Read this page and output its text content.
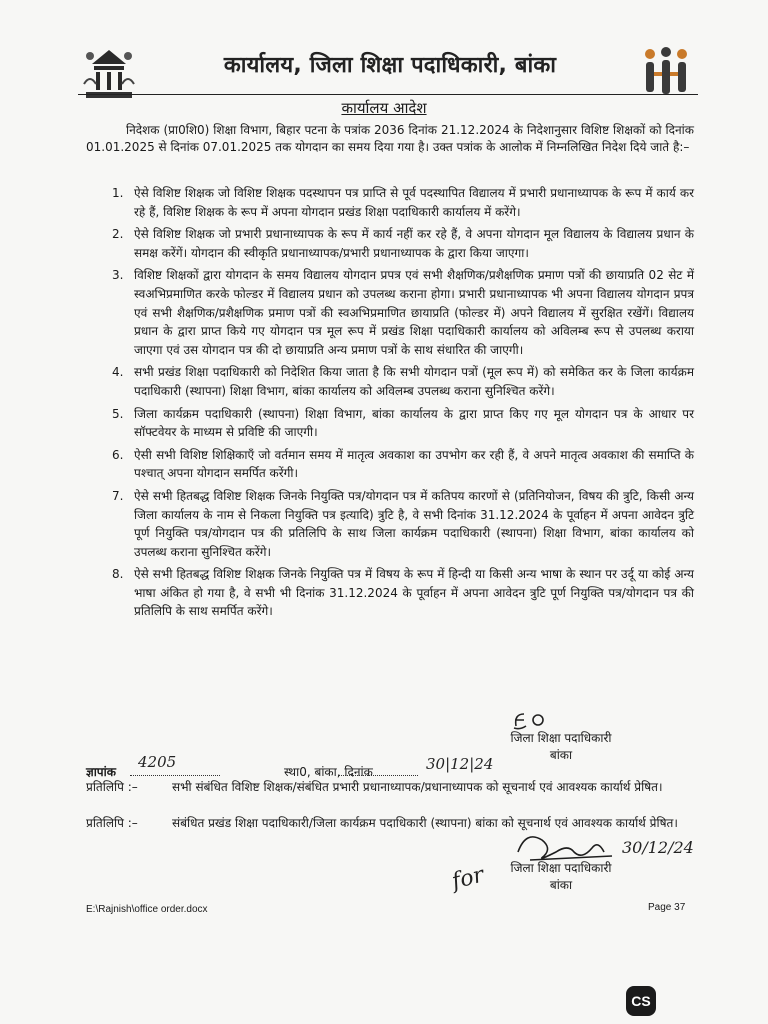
कार्यालय, जिला शिक्षा पदाधिकारी, बांका
कार्यालय आदेश
निदेशक (प्रा0शि0) शिक्षा विभाग, बिहार पटना के पत्रांक 2036 दिनांक 21.12.2024 के निदेशानुसार विशिष्ट शिक्षकों को दिनांक 01.01.2025 से दिनांक 07.01.2025 तक योगदान का समय दिया गया है। उक्त पत्रांक के आलोक में निम्नलिखित निदेश दिये जाते है:–
1. ऐसे विशिष्ट शिक्षक जो विशिष्ट शिक्षक पदस्थापन पत्र प्राप्ति से पूर्व पदस्थापित विद्यालय में प्रभारी प्रधानाध्यापक के रूप में कार्य कर रहे हैं, विशिष्ट शिक्षक के रूप में अपना योगदान प्रखंड शिक्षा पदाधिकारी कार्यालय में करेंगे।
2. ऐसे विशिष्ट शिक्षक जो प्रभारी प्रधानाध्यापक के रूप में कार्य नहीं कर रहे हैं, वे अपना योगदान मूल विद्यालय के विद्यालय प्रधान के समक्ष करेंगें। योगदान की स्वीकृति प्रधानाध्यापक/प्रभारी प्रधानाध्यापक के द्वारा किया जाएगा।
3. विशिष्ट शिक्षकों द्वारा योगदान के समय विद्यालय योगदान प्रपत्र एवं सभी शैक्षणिक/प्रशैक्षणिक प्रमाण पत्रों की छायाप्रति 02 सेट में स्वअभिप्रमाणित करके फोल्डर में विद्यालय प्रधान को उपलब्ध कराना होगा। प्रभारी प्रधानाध्यापक भी अपना विद्यालय योगदान प्रपत्र एवं सभी शैक्षणिक/प्रशैक्षणिक प्रमाण पत्रों की स्वअभिप्रमाणित छायाप्रति (फोल्डर में) अपने विद्यालय में सुरक्षित रखेंगें। विद्यालय प्रधान के द्वारा प्राप्त किये गए योगदान पत्र मूल रूप में प्रखंड शिक्षा पदाधिकारी कार्यालय को अविलम्ब रूप से उपलब्ध कराया जाएगा एवं उस योगदान पत्र की दो छायाप्रति अन्य प्रमाण पत्रों के साथ संधारित की जाएगी।
4. सभी प्रखंड शिक्षा पदाधिकारी को निदेशित किया जाता है कि सभी योगदान पत्रों (मूल रूप में) को समेकित कर के जिला कार्यक्रम पदाधिकारी (स्थापना) शिक्षा विभाग, बांका कार्यालय को अविलम्ब उपलब्ध कराना सुनिश्चित करेंगे।
5. जिला कार्यक्रम पदाधिकारी (स्थापना) शिक्षा विभाग, बांका कार्यालय के द्वारा प्राप्त किए गए मूल योगदान पत्र के आधार पर सॉफ्टवेयर के माध्यम से प्रविष्टि की जाएगी।
6. ऐसी सभी विशिष्ट शिक्षिकाएँ जो वर्तमान समय में मातृत्व अवकाश का उपभोग कर रही हैं, वे अपने मातृत्व अवकाश की समाप्ति के पश्चात् अपना योगदान समर्पित करेंगी।
7. ऐसे सभी हितबद्ध विशिष्ट शिक्षक जिनके नियुक्ति पत्र/योगदान पत्र में कतिपय कारणों से (प्रतिनियोजन, विषय की त्रुटि, किसी अन्य जिला कार्यालय के नाम से निकला नियुक्ति पत्र इत्यादि) त्रुटि है, वे सभी दिनांक 31.12.2024 के पूर्वाहन में अपना आवेदन त्रुटि पूर्ण नियुक्ति पत्र/योगदान पत्र की प्रतिलिपि के साथ जिला कार्यक्रम पदाधिकारी (स्थापना) शिक्षा विभाग, बांका कार्यालय को उपलब्ध कराना सुनिश्चित करेंगे।
8. ऐसे सभी हितबद्ध विशिष्ट शिक्षक जिनके नियुक्ति पत्र में विषय के रूप में हिन्दी या किसी अन्य भाषा के स्थान पर उर्दू या कोई अन्य भाषा अंकित हो गया है, वे सभी भी दिनांक 31.12.2024 के पूर्वाहन में अपना आवेदन त्रुटि पूर्ण नियुक्ति पत्र/योगदान पत्र की प्रतिलिपि के साथ समर्पित करेंगे।
जिला शिक्षा पदाधिकारी
बांका
ज्ञापांक
4205
स्था0, बांका, दिनांक	30|12|24
प्रतिलिपि :–	सभी संबंधित विशिष्ट शिक्षक/संबंधित प्रभारी प्रधानाध्यापक/प्रधानाध्यापक को सूचनार्थ एवं आवश्यक कार्यार्थ प्रेषित।
प्रतिलिपि :–	संबंधित प्रखंड शिक्षा पदाधिकारी/जिला कार्यक्रम पदाधिकारी (स्थापना) बांका को सूचनार्थ एवं आवश्यक कार्यार्थ प्रेषित।
30/12/24
for	जिला शिक्षा पदाधिकारी
बांका
E:\Rajnish\office order.docx	Page 37
CS
